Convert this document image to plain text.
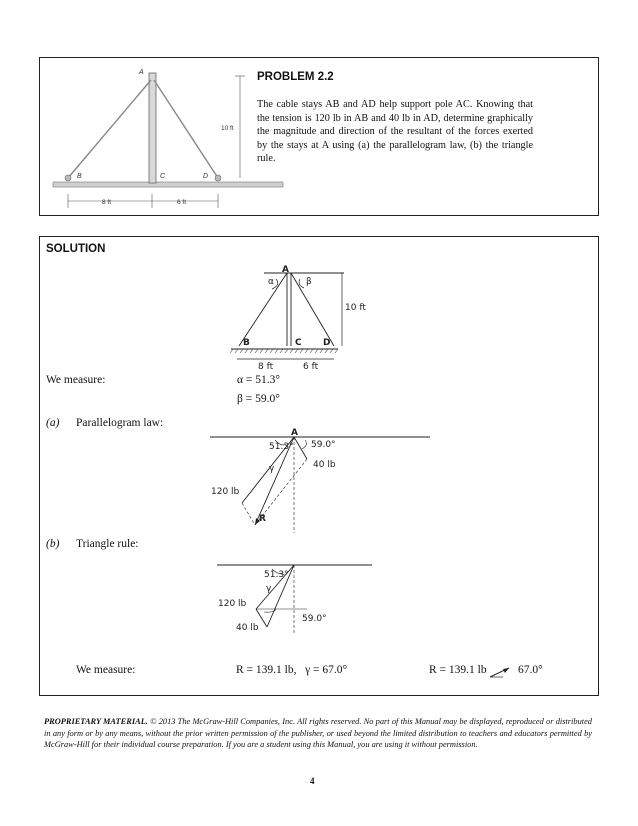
A
B	C	D
10 ft
8 ft	6 ft
PROBLEM 2.2
The cable stays AB and AD help support pole AC. Knowing that the tension is 120 lb in AB and 40 lb in AD, determine graphically the magnitude and direction of the resultant of the forces exerted by the stays at A using (a) the parallelogram law, (b) the triangle rule.
SOLUTION
A
α	β
10 ft
B	C D
8 ft	6 ft
We measure:	α = 51.3°
β = 59.0°
(a) Parallelogram law:
A
51.3° 59.0°
γ	40 lb
120 lb
R
(b) Triangle rule:
51.3°
γ
120 lb
40 lb
59.0°
We measure:	R = 139.1 lb,   γ = 67.0°	R = 139.1 lb	67.0°
PROPRIETARY MATERIAL. © 2013 The McGraw-Hill Companies, Inc. All rights reserved. No part of this Manual may be displayed, reproduced or distributed in any form or by any means, without the prior written permission of the publisher, or used beyond the limited distribution to teachers and educators permitted by McGraw-Hill for their individual course preparation. If you are a student using this Manual, you are using it without permission.
4
